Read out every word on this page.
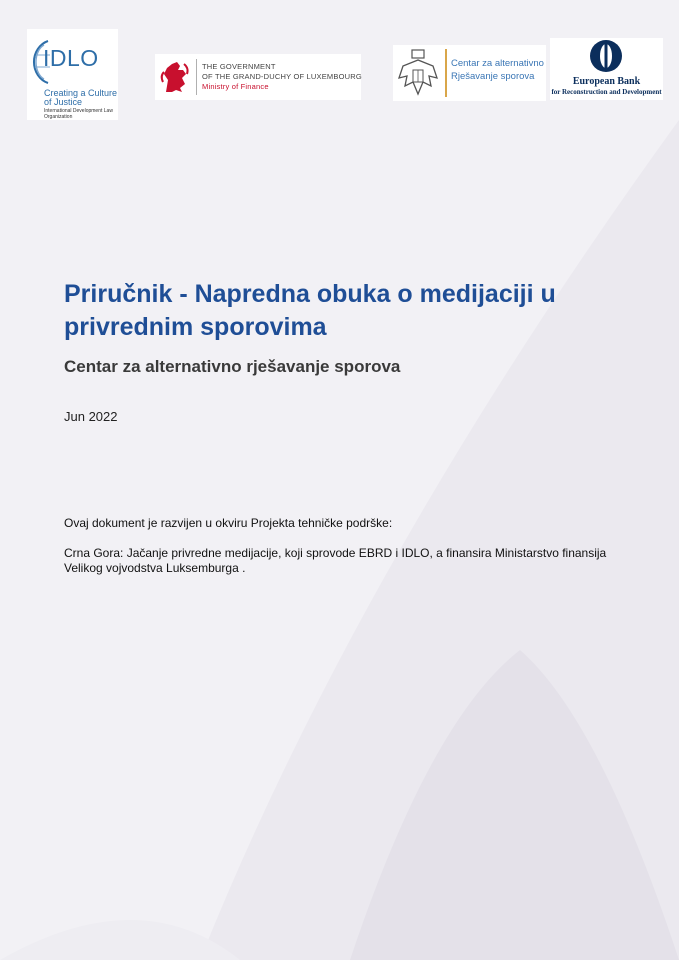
IDLO
Creating a Culture
of Justice
International Development Law Organization
THE GOVERNMENT
OF THE GRAND-DUCHY OF LUXEMBOURG
Ministry of Finance
Centar za alternativno
Rješavanje sporova	European Bank
for Reconstruction and Development
Priručnik - Napredna obuka o medijaciji u privrednim sporovima
Centar za alternativno rješavanje sporova
Jun 2022
Ovaj dokument je razvijen u okviru Projekta tehničke podrške:
Crna Gora: Jačanje privredne medijacije, koji sprovode EBRD i IDLO, a finansira Ministarstvo finansija Velikog vojvodstva Luksemburga .
